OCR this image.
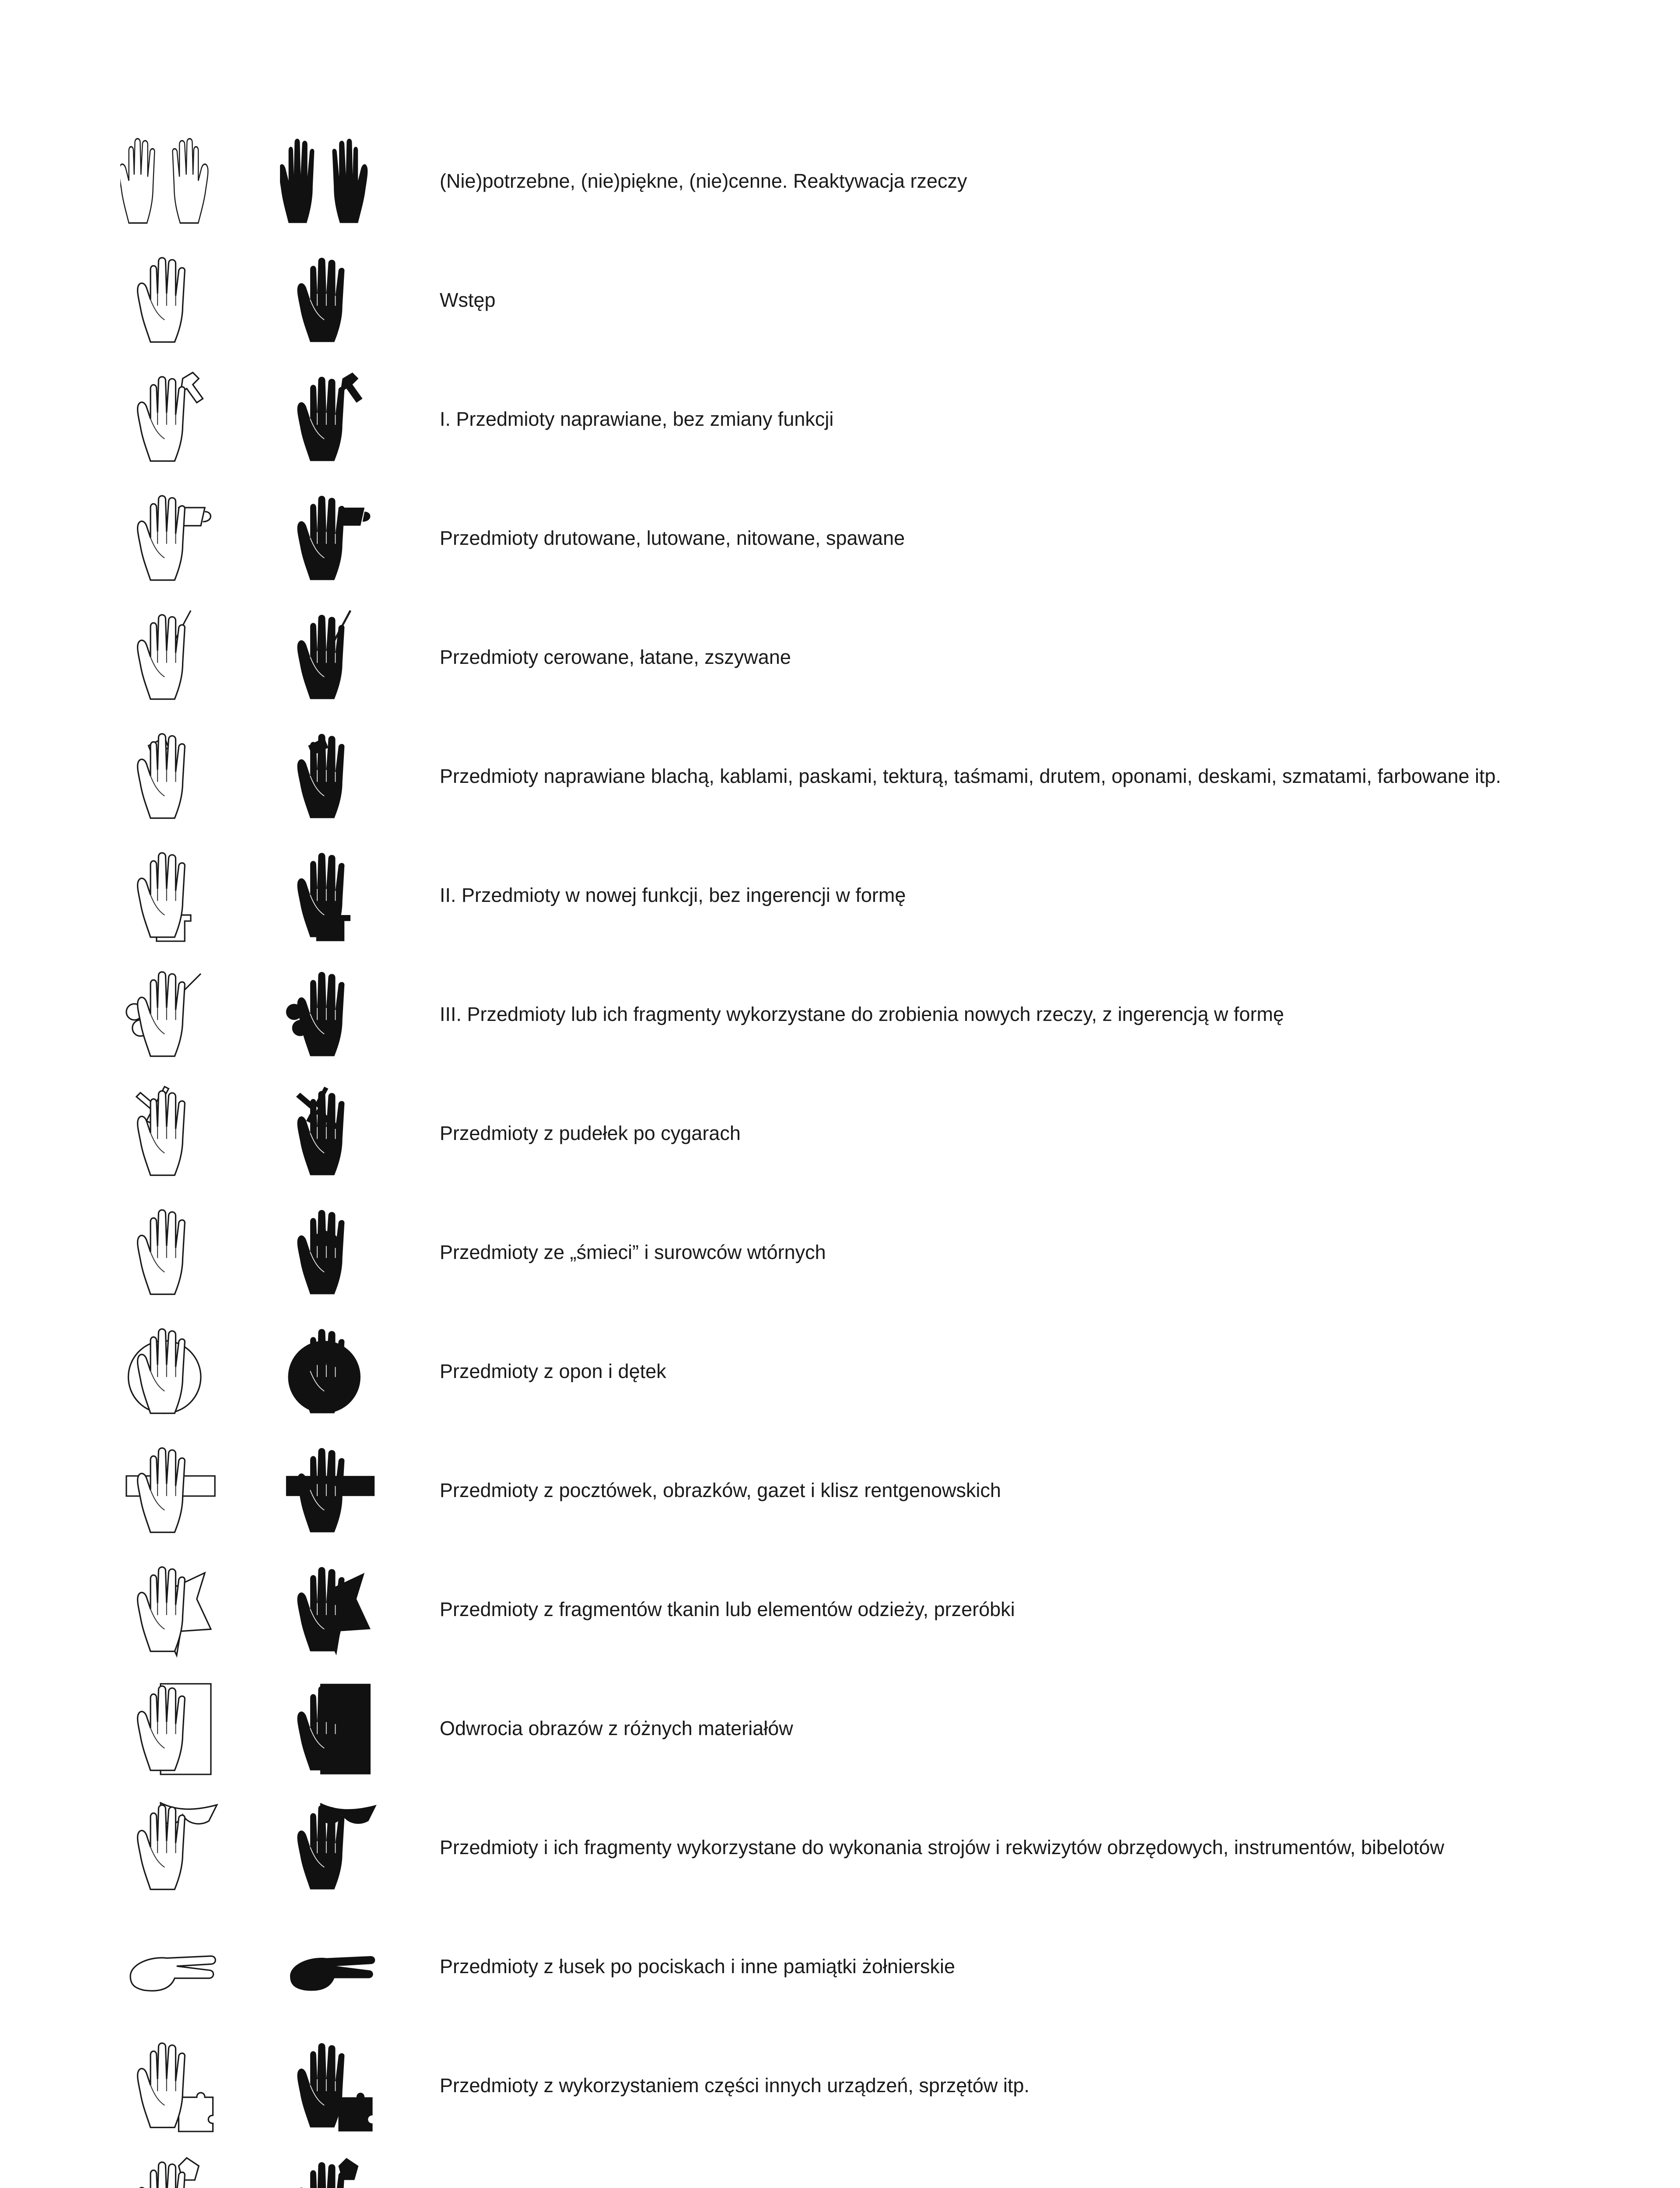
(Nie)potrzebne, (nie)piękne, (nie)cenne. Reaktywacja rzeczy
Wstęp
I. Przedmioty naprawiane, bez zmiany funkcji
Przedmioty drutowane, lutowane, nitowane, spawane
Przedmioty cerowane, łatane, zszywane
Przedmioty naprawiane blachą, kablami, paskami, tekturą, taśmami, drutem, oponami, deskami, szmatami, farbowane itp.
II. Przedmioty w nowej funkcji, bez ingerencji w formę
III. Przedmioty lub ich fragmenty wykorzystane do zrobienia nowych rzeczy, z ingerencją w formę
Przedmioty z pudełek po cygarach
Przedmioty ze „śmieci” i surowców wtórnych
Przedmioty z opon i dętek
Przedmioty z pocztówek, obrazków, gazet i klisz rentgenowskich
Przedmioty z fragmentów tkanin lub elementów odzieży, przeróbki
Odwrocia obrazów z różnych materiałów
Przedmioty i ich fragmenty wykorzystane do wykonania strojów i rekwizytów obrzędowych, instrumentów, bibelotów
Przedmioty z łusek po pociskach i inne pamiątki żołnierskie
Przedmioty z wykorzystaniem części innych urządzeń, sprzętów itp.
